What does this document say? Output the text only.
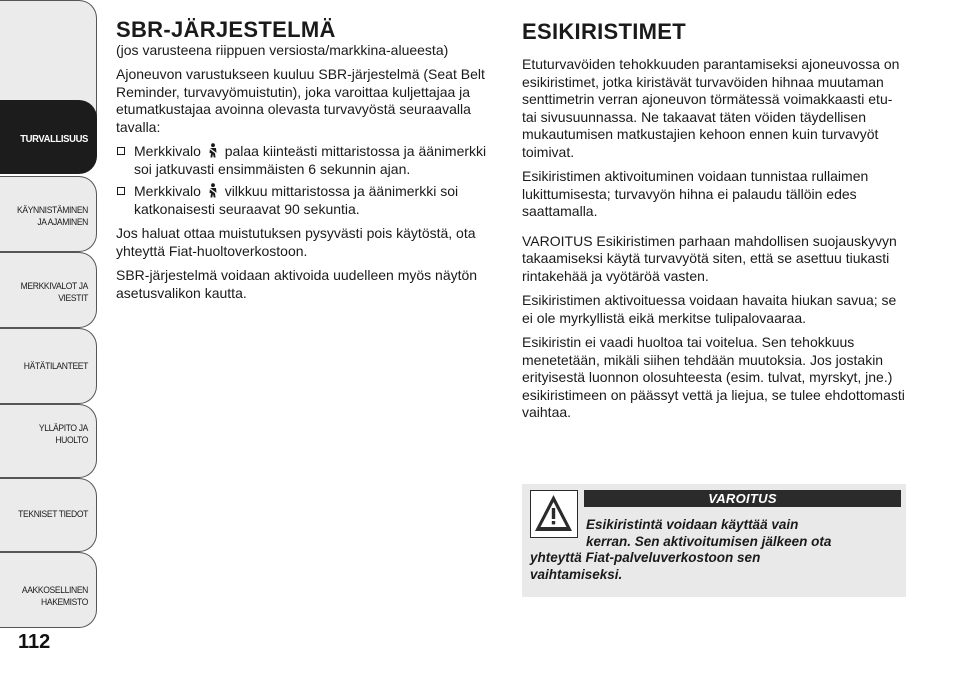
TURVALLISUUS
KÄYNNISTÄMINEN
JA AJAMINEN
MERKKIVALOT JA
VIESTIT
HÄTÄTILANTEET
YLLÄPITO JA HUOLTO
TEKNISET TIEDOT
AAKKOSELLINEN
HAKEMISTO
112
SBR-JÄRJESTELMÄ
(jos varusteena riippuen versiosta/markkina-alueesta)

Ajoneuvon varustukseen kuuluu SBR-järjestelmä (Seat Belt Reminder, turvavyömuistutin), joka varoittaa kuljettajaa ja etumatkustajaa avoinna olevasta turvavyöstä seuraavalla tavalla:

Merkkivalo palaa kiinteästi mittaristossa ja äänimerkki soi jatkuvasti ensimmäisten 6 sekunnin ajan.
Merkkivalo vilkkuu mittaristossa ja äänimerkki soi katkonaisesti seuraavat 90 sekuntia.

Jos haluat ottaa muistutuksen pysyvästi pois käytöstä, ota yhteyttä Fiat-huoltoverkostoon.

SBR-järjestelmä voidaan aktivoida uudelleen myös näytön asetusvalikon kautta.

ESIKIRISTIMET

Etuturvavöiden tehokkuuden parantamiseksi ajoneuvossa on esikiristimet, jotka kiristävät turvavöiden hihnaa muutaman senttimetrin verran ajoneuvon törmätessä voimakkaasti etu- tai sivusuunnassa. Ne takaavat täten vöiden täydellisen mukautumisen matkustajien kehoon ennen kuin turvavyöt toimivat.

Esikiristimen aktivoituminen voidaan tunnistaa rullaimen lukittumisesta; turvavyön hihna ei palaudu tällöin edes saattamalla.

VAROITUS Esikiristimen parhaan mahdollisen suojauskyvyn takaamiseksi käytä turvavyötä siten, että se asettuu tiukasti rintakehää ja vyötäröä vasten.

Esikiristimen aktivoituessa voidaan havaita hiukan savua; se ei ole myrkyllistä eikä merkitse tulipalovaaraa.

Esikiristin ei vaadi huoltoa tai voitelua. Sen tehokkuus menetetään, mikäli siihen tehdään muutoksia. Jos jostakin erityisestä luonnon olosuhteesta (esim. tulvat, myrskyt, jne.) esikiristimeen on päässyt vettä ja liejua, se tulee ehdottomasti vaihtaa.

VAROITUS
Esikiristintä voidaan käyttää vain
kerran. Sen aktivoitumisen jälkeen ota
yhteyttä Fiat-palveluverkostoon sen
vaihtamiseksi.
